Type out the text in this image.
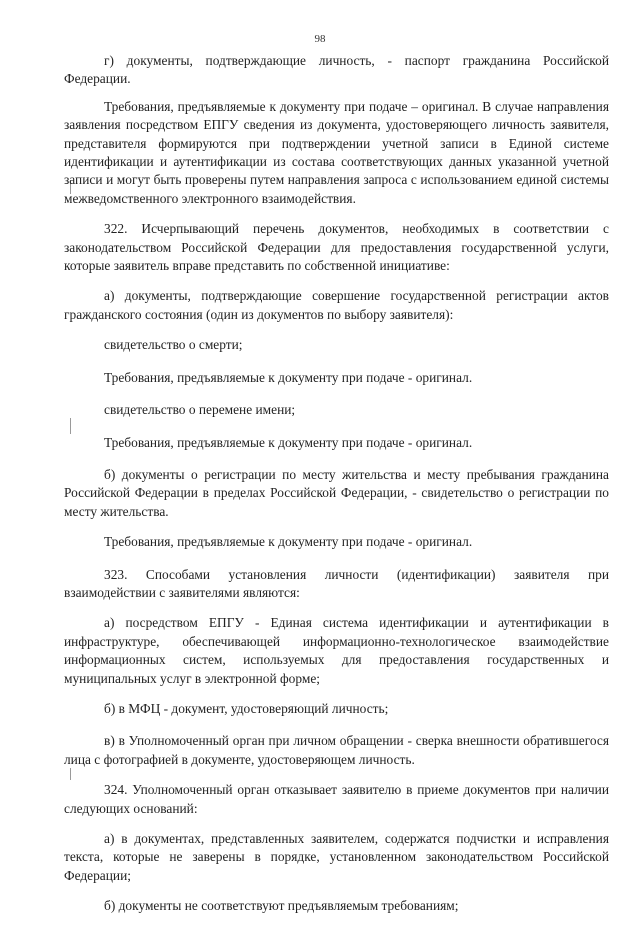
98

г) документы, подтверждающие личность, - паспорт гражданина Российской Федерации.

Требования, предъявляемые к документу при подаче – оригинал. В случае направления заявления посредством ЕПГУ сведения из документа, удостоверяющего личность заявителя, представителя формируются при подтверждении учетной записи в Единой системе идентификации и аутентификации из состава соответствующих данных указанной учетной записи и могут быть проверены путем направления запроса с использованием единой системы межведомственного электронного взаимодействия.

322. Исчерпывающий перечень документов, необходимых в соответствии с законодательством Российской Федерации для предоставления государственной услуги, которые заявитель вправе представить по собственной инициативе:

а) документы, подтверждающие совершение государственной регистрации актов гражданского состояния (один из документов по выбору заявителя):

свидетельство о смерти;

Требования, предъявляемые к документу при подаче - оригинал.

свидетельство о перемене имени;

Требования, предъявляемые к документу при подаче - оригинал.

б) документы о регистрации по месту жительства и месту пребывания гражданина Российской Федерации в пределах Российской Федерации, - свидетельство о регистрации по месту жительства.

Требования, предъявляемые к документу при подаче - оригинал.

323. Способами установления личности (идентификации) заявителя при взаимодействии с заявителями являются:

а) посредством ЕПГУ - Единая система идентификации и аутентификации в инфраструктуре, обеспечивающей информационно-технологическое взаимодействие информационных систем, используемых для предоставления государственных и муниципальных услуг в электронной форме;

б) в МФЦ - документ, удостоверяющий личность;

в) в Уполномоченный орган при личном обращении - сверка внешности обратившегося лица с фотографией в документе, удостоверяющем личность.

324. Уполномоченный орган отказывает заявителю в приеме документов при наличии следующих оснований:

а) в документах, представленных заявителем, содержатся подчистки и исправления текста, которые не заверены в порядке, установленном законодательством Российской Федерации;

б) документы не соответствуют предъявляемым требованиям;
